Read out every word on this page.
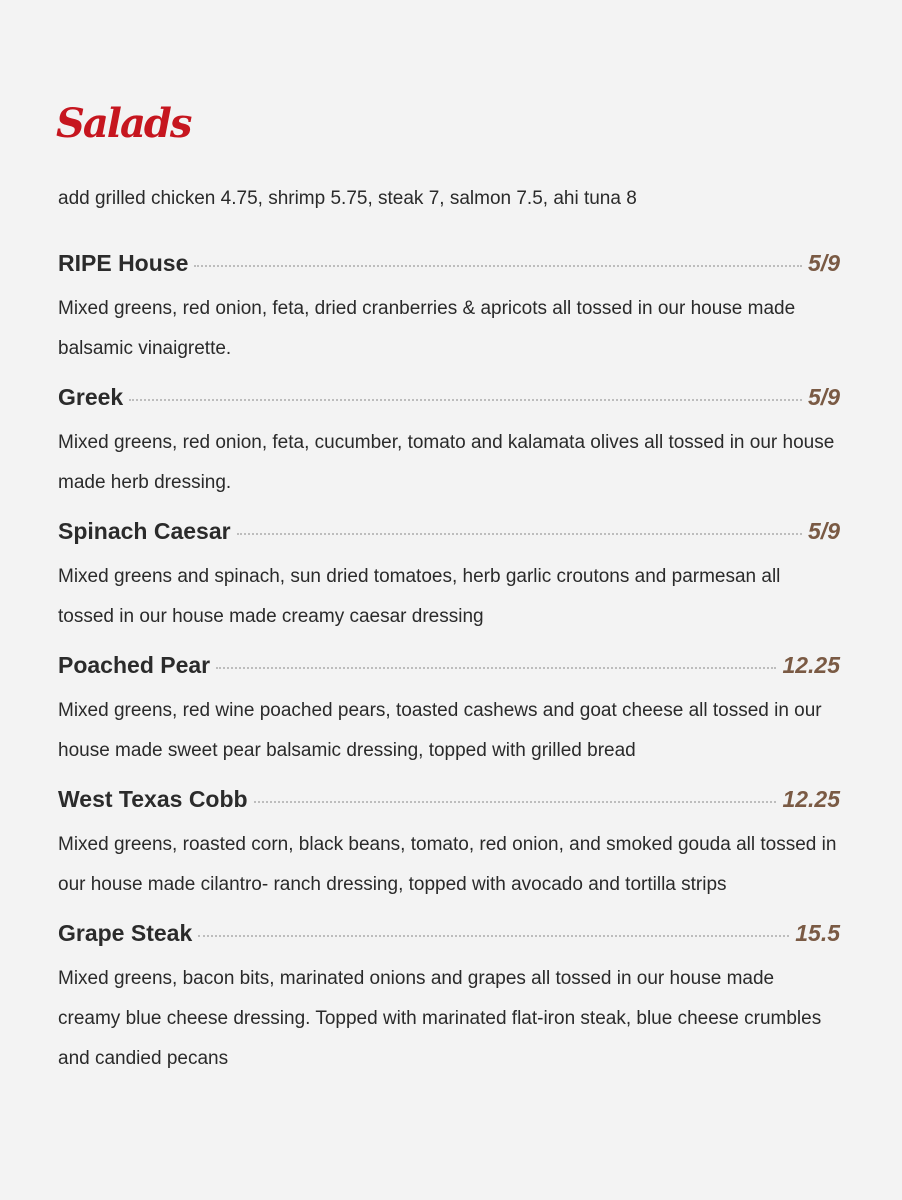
Salads
add grilled chicken 4.75, shrimp 5.75, steak 7, salmon 7.5, ahi tuna 8
RIPE House	5/9

Mixed greens, red onion, feta, dried cranberries & apricots all tossed in our house made balsamic vinaigrette.

Greek	5/9

Mixed greens, red onion, feta, cucumber, tomato and kalamata olives all tossed in our house made herb dressing.

Spinach Caesar	5/9

Mixed greens and spinach, sun dried tomatoes, herb garlic croutons and parmesan all tossed in our house made creamy caesar dressing

Poached Pear	12.25

Mixed greens, red wine poached pears, toasted cashews and goat cheese all tossed in our house made sweet pear balsamic dressing, topped with grilled bread

West Texas Cobb	12.25

Mixed greens, roasted corn, black beans, tomato, red onion, and smoked gouda all tossed in our house made cilantro- ranch dressing, topped with avocado and tortilla strips

Grape Steak	15.5

Mixed greens, bacon bits, marinated onions and grapes all tossed in our house made creamy blue cheese dressing. Topped with marinated flat-iron steak, blue cheese crumbles and candied pecans
